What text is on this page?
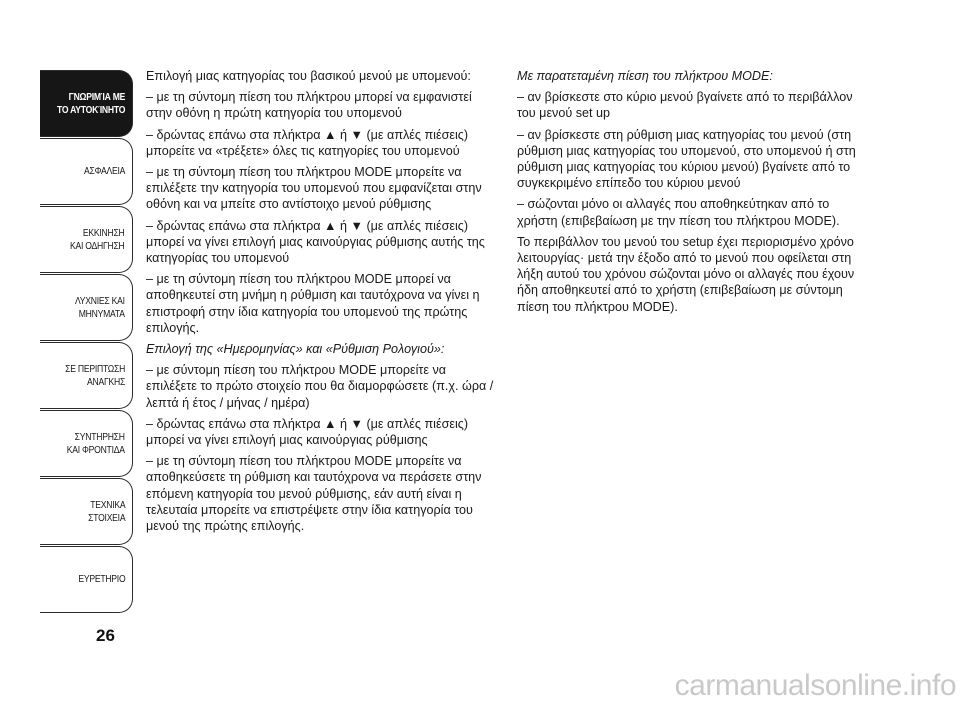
ΓΝΩΡΙΜΊΑ ΜΕ
ΤΟ ΑΥΤΟΚΊΝΗΤΟ
ΑΣΦΑΛΕΙΑ
ΕΚΚΙΝΗΣΗ
ΚΑΙ ΟΔΗΓΗΣΗ
ΛΥΧΝΙΕΣ ΚΑΙ
ΜΗΝΥΜΑΤΑ
ΣΕ ΠΕΡΙΠΤΩΣΗ
ΑΝΑΓΚΗΣ
ΣΥΝΤΗΡΗΣΗ
ΚΑΙ ΦΡΟΝΤΙΔΑ
ΤΕΧΝΙΚΑ
ΣΤΟΙΧΕΙΑ
ΕΥΡΕΤΗΡΙΟ
26

Επιλογή μιας κατηγορίας του βασικού μενού με υπομενού:

– με τη σύντομη πίεση του πλήκτρου μπορεί να εμφανιστεί στην οθόνη η πρώτη κατηγορία του υπομενού

– δρώντας επάνω στα πλήκτρα ▲ ή ▼ (με απλές πιέσεις) μπορείτε να «τρέξετε» όλες τις κατηγορίες του υπομενού

– με τη σύντομη πίεση του πλήκτρου MODE μπορείτε να επιλέξετε την κατηγορία του υπομενού που εμφανίζεται στην οθόνη και να μπείτε στο αντίστοιχο μενού ρύθμισης

– δρώντας επάνω στα πλήκτρα ▲ ή ▼ (με απλές πιέσεις) μπορεί να γίνει επιλογή μιας καινούργιας ρύθμισης αυτής της κατηγορίας του υπομενού

– με τη σύντομη πίεση του πλήκτρου MODE μπορεί να αποθηκευτεί στη μνήμη η ρύθμιση και ταυτόχρονα να γίνει η επιστροφή στην ίδια κατηγορία του υπομενού της πρώτης επιλογής.

Επιλογή της «Ημερομηνίας» και «Ρύθμιση Ρολογιού»:

– με σύντομη πίεση του πλήκτρου MODE μπορείτε να επιλέξετε το πρώτο στοιχείο που θα διαμορφώσετε (π.χ. ώρα / λεπτά ή έτος / μήνας / ημέρα)

– δρώντας επάνω στα πλήκτρα ▲ ή ▼ (με απλές πιέσεις) μπορεί να γίνει επιλογή μιας καινούργιας ρύθμισης

– με τη σύντομη πίεση του πλήκτρου MODE μπορείτε να αποθηκεύσετε τη ρύθμιση και ταυτόχρονα να περάσετε στην επόμενη κατηγορία του μενού ρύθμισης, εάν αυτή είναι η τελευταία μπορείτε να επιστρέψετε στην ίδια κατηγορία του μενού της πρώτης επιλογής.

Με παρατεταμένη πίεση του πλήκτρου MODE:

– αν βρίσκεστε στο κύριο μενού βγαίνετε από το περιβάλλον του μενού set up

– αν βρίσκεστε στη ρύθμιση μιας κατηγορίας του μενού (στη ρύθμιση μιας κατηγορίας του υπομενού, στο υπομενού ή στη ρύθμιση μιας κατηγορίας του κύριου μενού) βγαίνετε από το συγκεκριμένο επίπεδο του κύριου μενού

– σώζονται μόνο οι αλλαγές που αποθηκεύτηκαν από το χρήστη (επιβεβαίωση με την πίεση του πλήκτρου MODE).

Το περιβάλλον του μενού του setup έχει περιορισμένο χρόνο λειτουργίας· μετά την έξοδο από το μενού που οφείλεται στη λήξη αυτού του χρόνου σώζονται μόνο οι αλλαγές που έχουν ήδη αποθηκευτεί από το χρήστη (επιβεβαίωση με σύντομη πίεση του πλήκτρου MODE).

carmanualsonline.info
